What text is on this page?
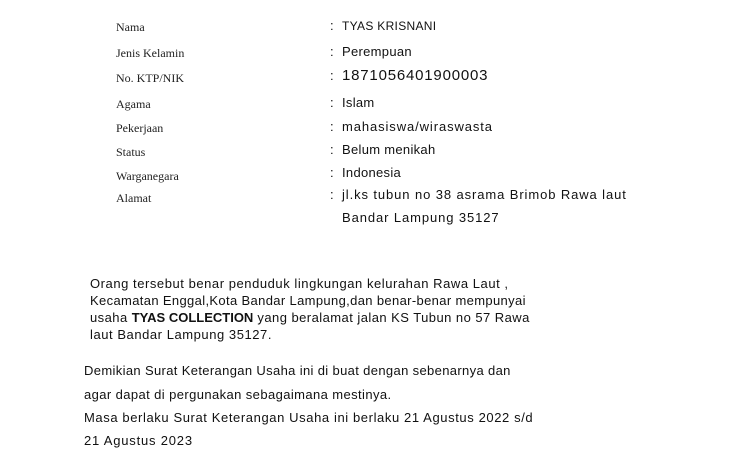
Nama	: TYAS KRISNANI
Jenis Kelamin	: Perempuan
No. KTP/NIK	: 1871056401900003
Agama	: Islam
Pekerjaan	: mahasiswa/wiraswasta
Status	: Belum menikah
Warganegara	: Indonesia
Alamat	: jl.ks tubun no 38 asrama Brimob Rawa laut
Bandar Lampung 35127
Orang tersebut benar penduduk lingkungan kelurahan Rawa Laut ,
Kecamatan Enggal,Kota Bandar Lampung,dan benar-benar mempunyai
usaha TYAS COLLECTION yang beralamat jalan KS Tubun no 57 Rawa
laut Bandar Lampung 35127.
Demikian Surat Keterangan Usaha ini di buat dengan sebenarnya dan
agar dapat di pergunakan sebagaimana mestinya.
Masa berlaku Surat Keterangan Usaha ini berlaku 21 Agustus 2022 s/d
21 Agustus 2023
